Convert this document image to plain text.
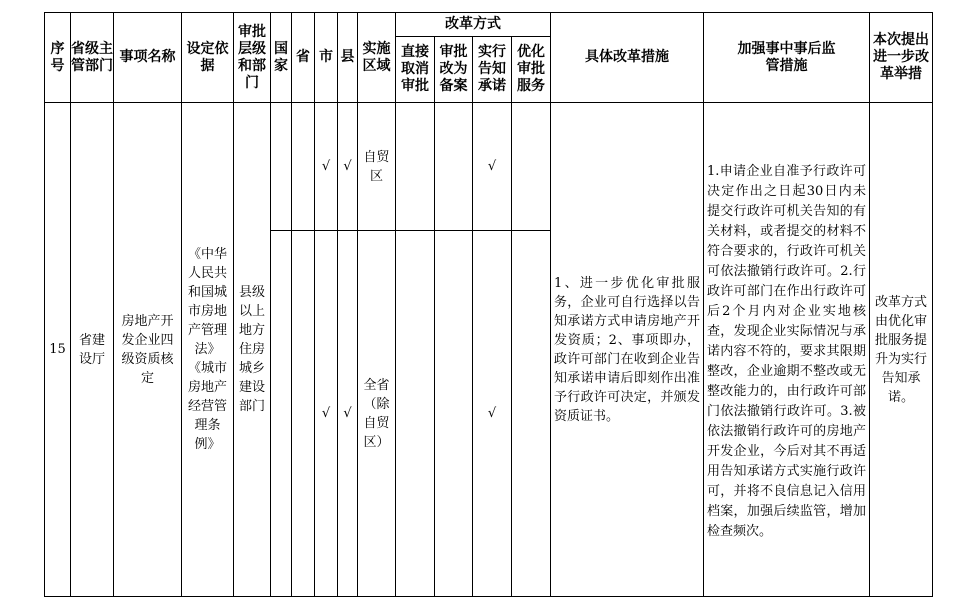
序号	省级主管部门	事项名称	设定依据	审批层级和部门	国家	省	市	县	实施区域	改革方式				具体改革措施	加强事中事后监管措施	本次提出进一步改革举措
										直接取消审批	审批改为备案	实行告知承诺	优化审批服务			
15	省建设厅	房地产开发企业四级资质核定	《中华人民共和国城市房地产管理法》《城市房地产经营管理条例》	县级以上地方住房城乡建设部门			√	√	自贸区			√		1、进一步优化审批服务，企业可自行选择以告知承诺方式申请房地产开发资质；2、事项即办，政许可部门在收到企业告知承诺申请后即刻作出准予行政许可决定，并颁发资质证书。	1.申请企业自准予行政许可决定作出之日起30日内未提交行政许可机关告知的有关材料，或者提交的材料不符合要求的，行政许可机关可依法撤销行政许可。2.行政许可部门在作出行政许可后2个月内对企业实地核查，发现企业实际情况与承诺内容不符的，要求其限期整改，企业逾期不整改或无整改能力的，由行政许可部门依法撤销行政许可。3.被依法撤销行政许可的房地产开发企业，今后对其不再适用告知承诺方式实施行政许可，并将不良信息记入信用档案，加强后续监管，增加检查频次。	改革方式由优化审批服务提升为实行告知承诺。
							√	√	全省（除自贸区）			√				
